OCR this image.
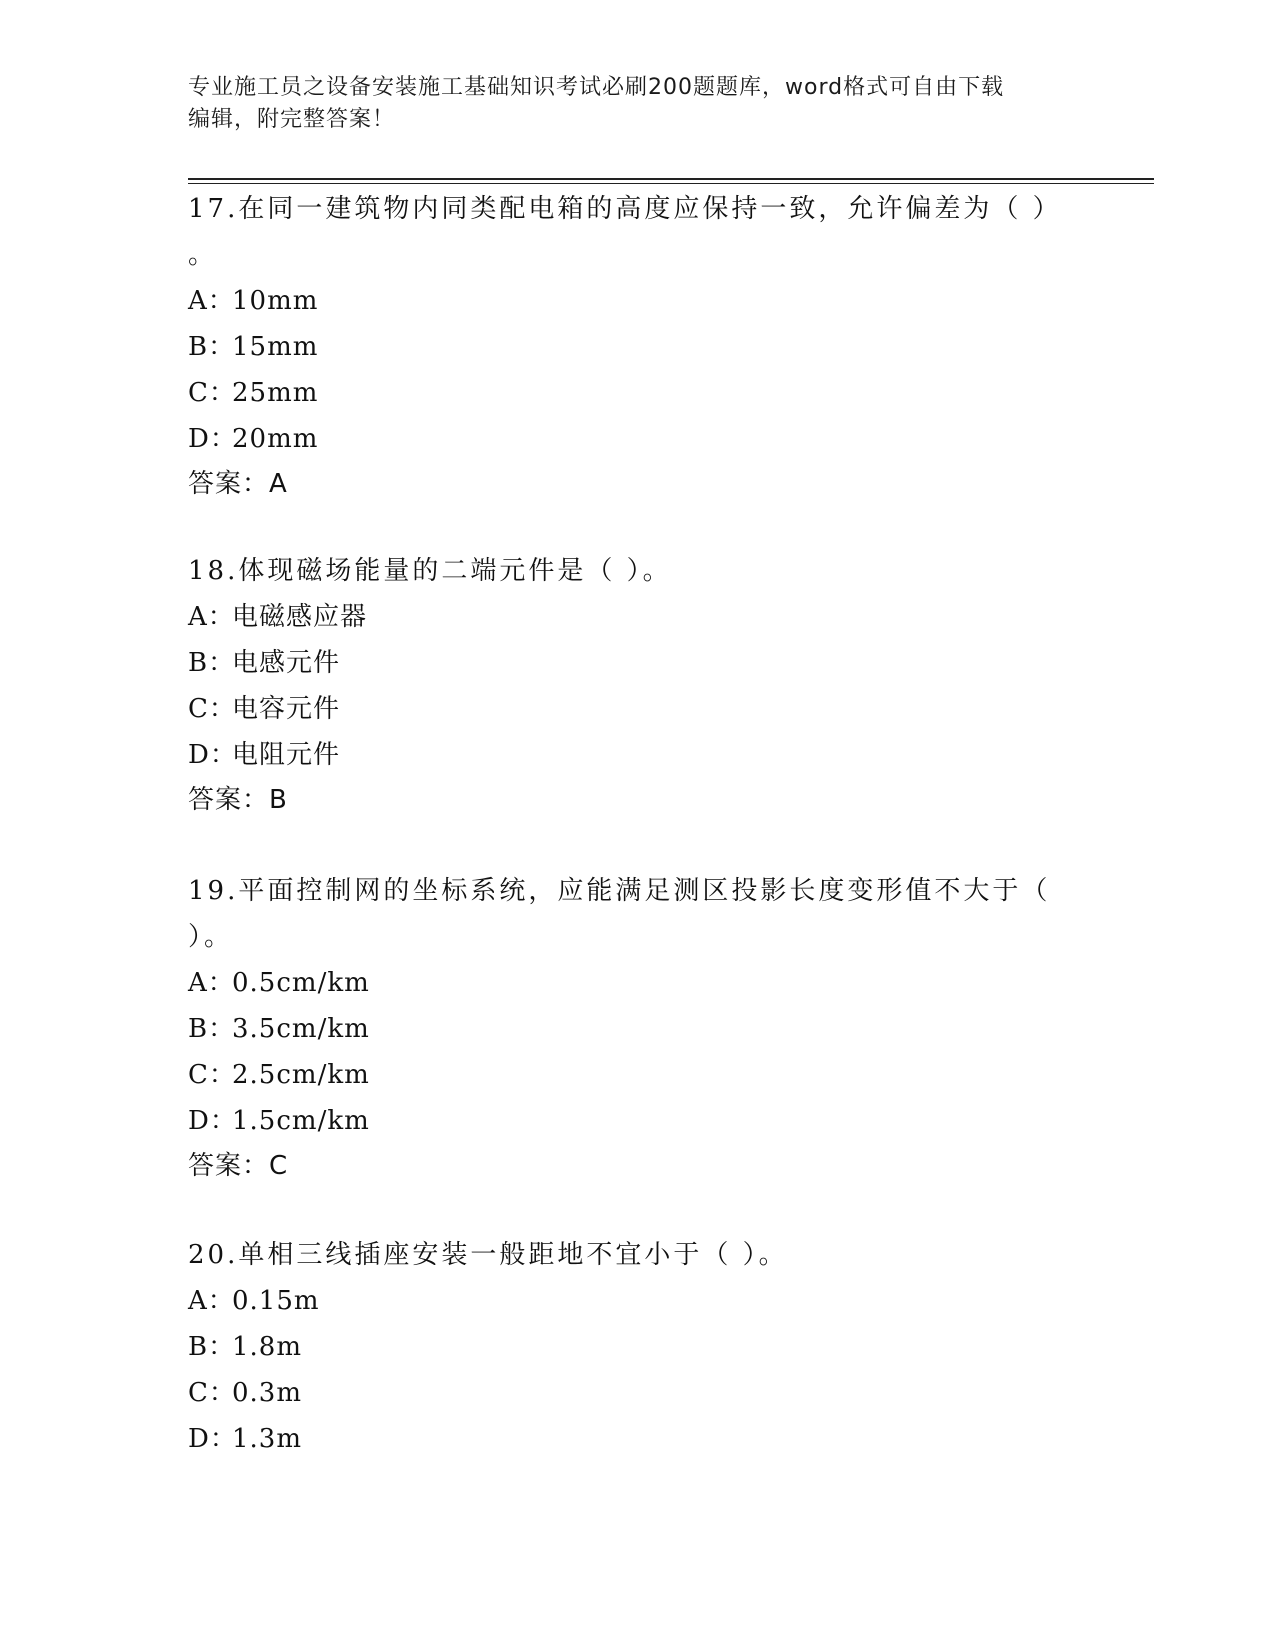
专业施工员之设备安装施工基础知识考试必刷200题题库，word格式可自由下载
编辑，附完整答案！
17.在同一建筑物内同类配电箱的高度应保持一致，允许偏差为（ ）
。
A：10mm
B：15mm
C：25mm
D：20mm
答案：A
18.体现磁场能量的二端元件是（ ）。
A：电磁感应器
B：电感元件
C：电容元件
D：电阻元件
答案：B
19.平面控制网的坐标系统，应能满足测区投影长度变形值不大于（
）。
A：0.5cm/km
B：3.5cm/km
C：2.5cm/km
D：1.5cm/km
答案：C
20.单相三线插座安装一般距地不宜小于（ ）。
A：0.15m
B：1.8m
C：0.3m
D：1.3m
